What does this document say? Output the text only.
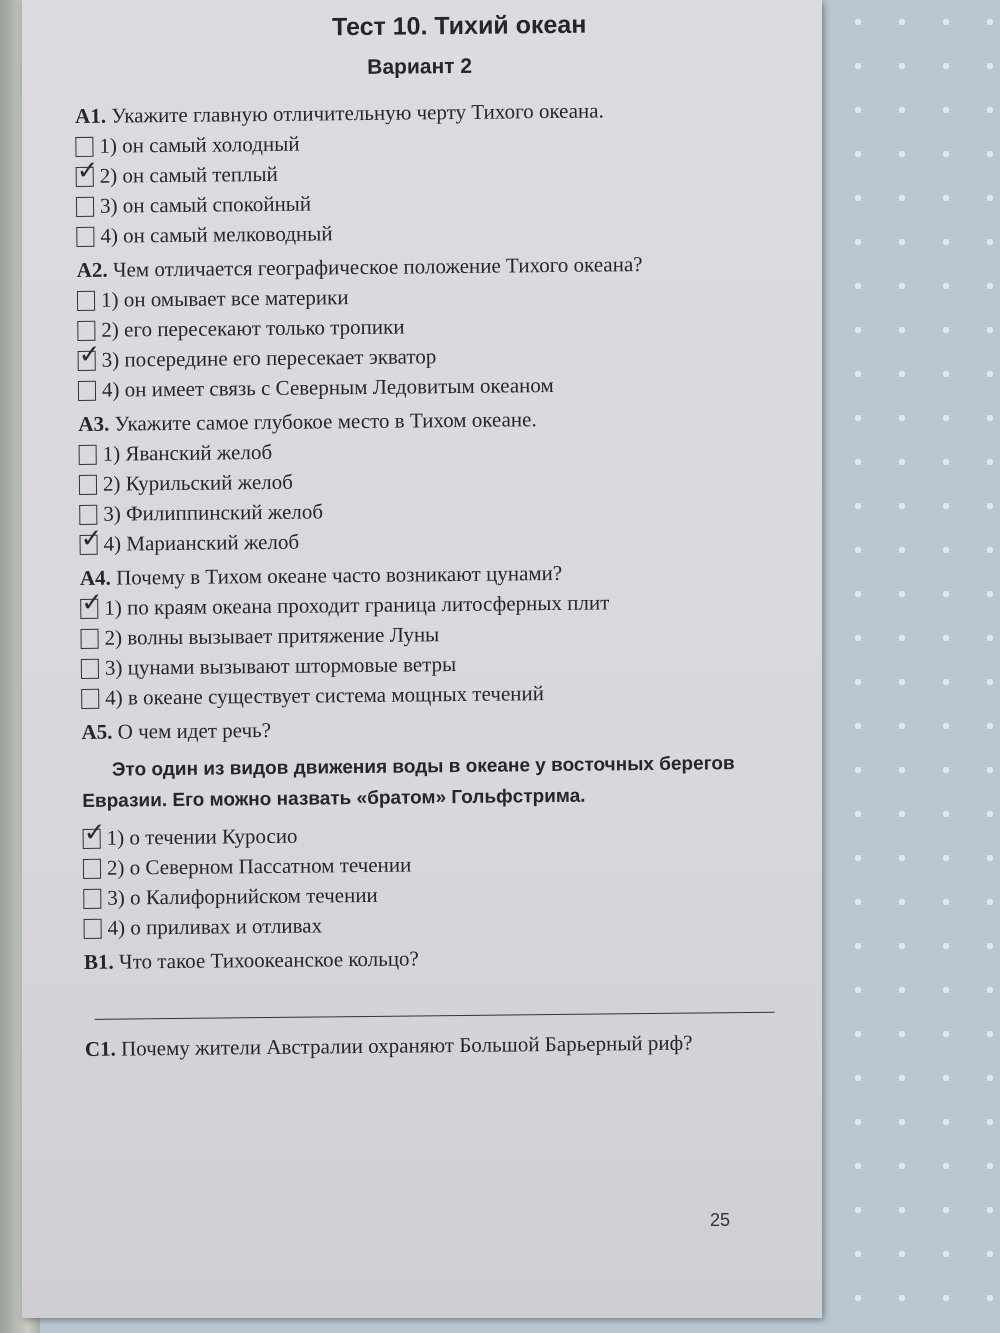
Тест 10. Тихий океан
Вариант 2
А1. Укажите главную отличительную черту Тихого океана.
1) он самый холодный
✓
2) он самый теплый
3) он самый спокойный
4) он самый мелководный
А2. Чем отличается географическое положение Тихого океана?
1) он омывает все материки
2) его пересекают только тропики
✓
3) посередине его пересекает экватор
4) он имеет связь с Северным Ледовитым океаном
А3. Укажите самое глубокое место в Тихом океане.
1) Яванский желоб
2) Курильский желоб
3) Филиппинский желоб
✓
4) Марианский желоб
А4. Почему в Тихом океане часто возникают цунами?
✓
1) по краям океана проходит граница литосферных плит
2) волны вызывает притяжение Луны
3) цунами вызывают штормовые ветры
4) в океане существует система мощных течений
А5. О чем идет речь?
Это один из видов движения воды в океане у восточных берегов Евразии. Его можно назвать «братом» Гольфстрима.
✓
1) о течении Куросио
2) о Северном Пассатном течении
3) о Калифорнийском течении
4) о приливах и отливах
В1. Что такое Тихоокеанское кольцо?
С1. Почему жители Австралии охраняют Большой Барьерный риф?
25
